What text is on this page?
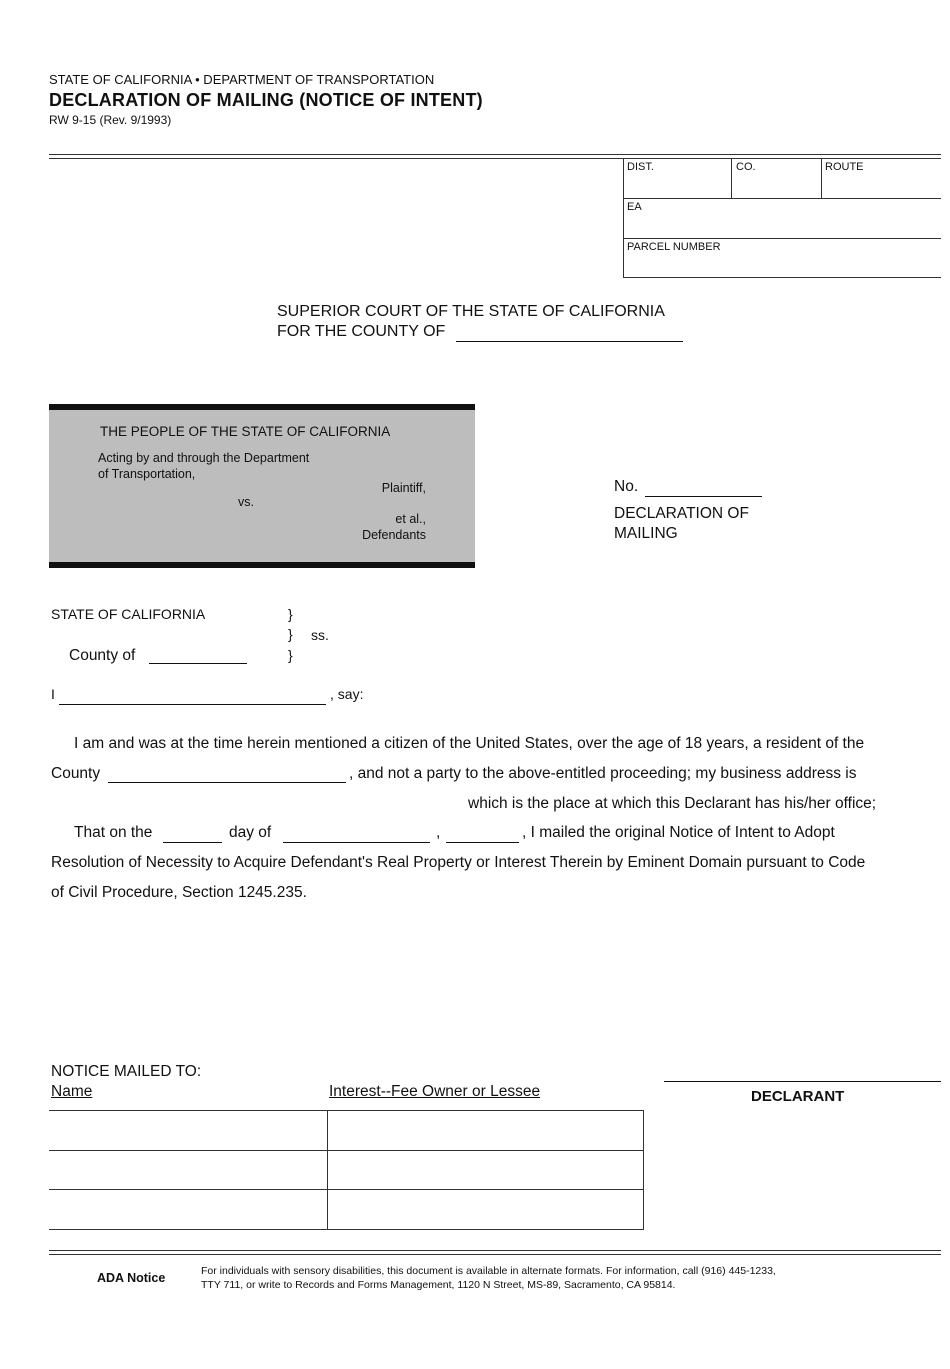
STATE OF CALIFORNIA • DEPARTMENT OF TRANSPORTATION
DECLARATION OF MAILING (NOTICE OF INTENT)
RW 9-15 (Rev. 9/1993)
DIST.	CO.	ROUTE
EA
PARCEL NUMBER
SUPERIOR COURT OF THE STATE OF CALIFORNIA
FOR THE COUNTY OF
THE PEOPLE OF THE STATE OF CALIFORNIA
Acting by and through the Department
of Transportation,
Plaintiff,
vs.
et al.,
Defendants
No.
DECLARATION OF
MAILING
STATE OF CALIFORNIA	}
} ss.
}
County of
I	, say:
I am and was at the time herein mentioned a citizen of the United States, over the age of 18 years, a resident of the
County	, and not a party to the above-entitled proceeding; my business address is
which is the place at which this Declarant has his/her office;
That on the	day of	,	, I mailed the original Notice of Intent to Adopt
Resolution of Necessity to Acquire Defendant's Real Property or Interest Therein by Eminent Domain pursuant to Code
of Civil Procedure, Section 1245.235.
NOTICE MAILED TO:
Name	Interest--Fee Owner or Lessee	DECLARANT
ADA Notice	For individuals with sensory disabilities, this document is available in alternate formats. For information, call (916) 445-1233,
TTY 711, or write to Records and Forms Management, 1120 N Street, MS-89, Sacramento, CA 95814.
